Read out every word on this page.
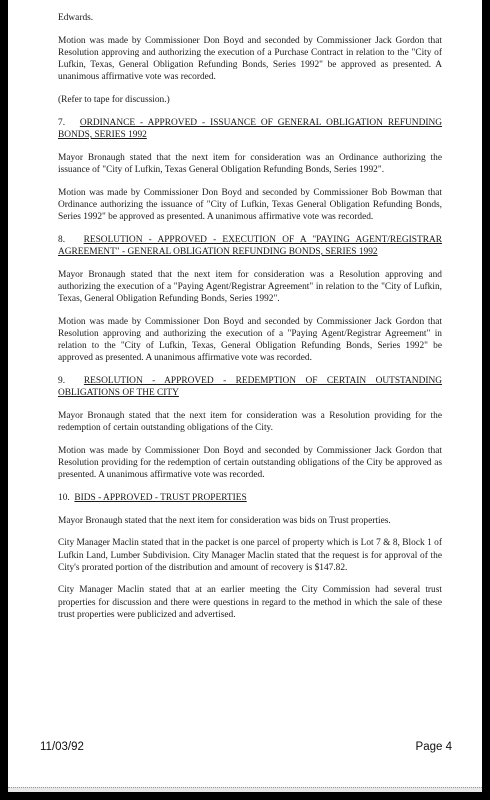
Edwards.

Motion was made by Commissioner Don Boyd and seconded by Commissioner Jack Gordon that Resolution approving and authorizing the execution of a Purchase Contract in relation to the "City of Lufkin, Texas, General Obligation Refunding Bonds, Series 1992" be approved as presented. A unanimous affirmative vote was recorded.

(Refer to tape for discussion.)

7. ORDINANCE - APPROVED - ISSUANCE OF GENERAL OBLIGATION REFUNDING BONDS, SERIES 1992

Mayor Bronaugh stated that the next item for consideration was an Ordinance authorizing the issuance of "City of Lufkin, Texas General Obligation Refunding Bonds, Series 1992".

Motion was made by Commissioner Don Boyd and seconded by Commissioner Bob Bowman that Ordinance authorizing the issuance of "City of Lufkin, Texas General Obligation Refunding Bonds, Series 1992" be approved as presented. A unanimous affirmative vote was recorded.

8. RESOLUTION - APPROVED - EXECUTION OF A "PAYING AGENT/REGISTRAR AGREEMENT" - GENERAL OBLIGATION REFUNDING BONDS, SERIES 1992

Mayor Bronaugh stated that the next item for consideration was a Resolution approving and authorizing the execution of a "Paying Agent/Registrar Agreement" in relation to the "City of Lufkin, Texas, General Obligation Refunding Bonds, Series 1992".

Motion was made by Commissioner Don Boyd and seconded by Commissioner Jack Gordon that Resolution approving and authorizing the execution of a "Paying Agent/Registrar Agreement" in relation to the "City of Lufkin, Texas, General Obligation Refunding Bonds, Series 1992" be approved as presented. A unanimous affirmative vote was recorded.

9. RESOLUTION - APPROVED - REDEMPTION OF CERTAIN OUTSTANDING OBLIGATIONS OF THE CITY

Mayor Bronaugh stated that the next item for consideration was a Resolution providing for the redemption of certain outstanding obligations of the City.

Motion was made by Commissioner Don Boyd and seconded by Commissioner Jack Gordon that Resolution providing for the redemption of certain outstanding obligations of the City be approved as presented. A unanimous affirmative vote was recorded.

10. BIDS - APPROVED - TRUST PROPERTIES

Mayor Bronaugh stated that the next item for consideration was bids on Trust properties.

City Manager Maclin stated that in the packet is one parcel of property which is Lot 7 & 8, Block 1 of Lufkin Land, Lumber Subdivision. City Manager Maclin stated that the request is for approval of the City's prorated portion of the distribution and amount of recovery is $147.82.

City Manager Maclin stated that at an earlier meeting the City Commission had several trust properties for discussion and there were questions in regard to the method in which the sale of these trust properties were publicized and advertised.

11/03/92	Page 4
